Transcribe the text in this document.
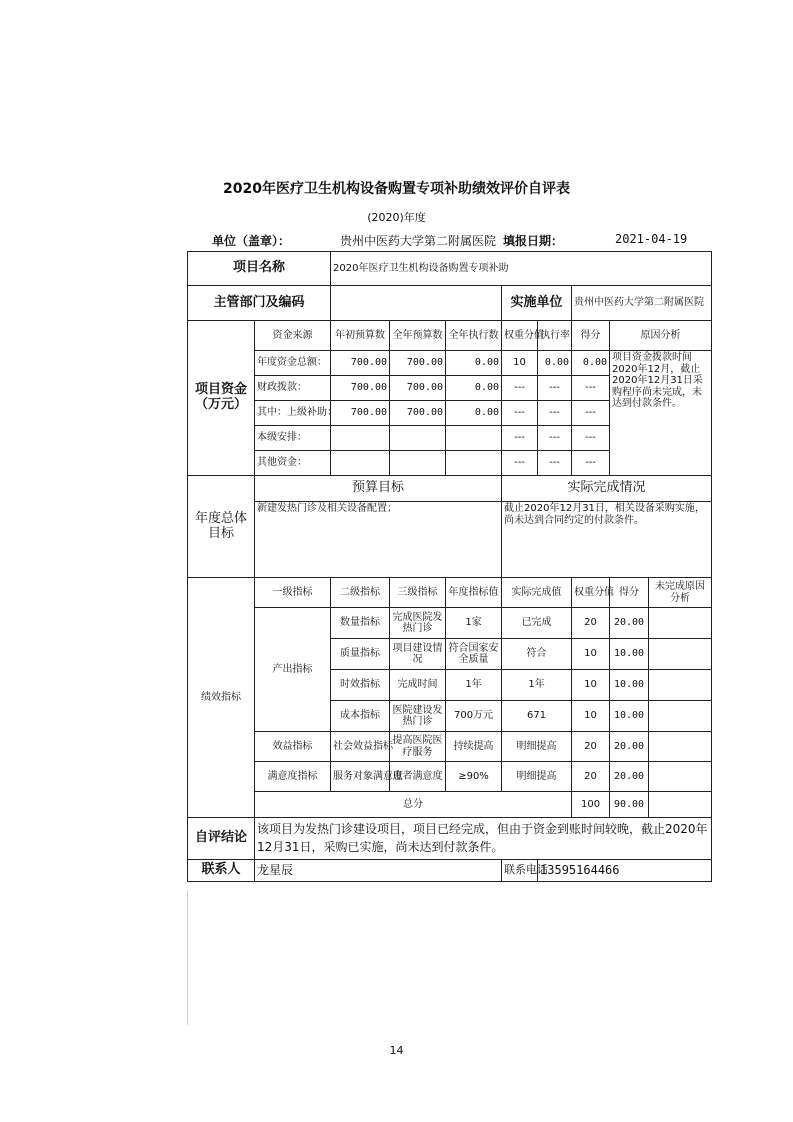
2020年医疗卫生机构设备购置专项补助绩效评价自评表
(2020)年度
单位（盖章）：	贵州中医药大学第二附属医院 填报日期：	2021-04-19
项目名称		2020年医疗卫生机构设备购置专项补助							
主管部门及编码					实施单位		贵州中医药大学第二附属医院		
项目资金（万元）	资金来源	年初预算数	全年预算数	全年执行数	权重分值	执行率	得分	原因分析	
	年度资金总额：	700.00	700.00	0.00	10	0.00	0.00	项目资金拨款时间2020年12月，截止2020年12月31日采购程序尚未完成，未达到付款条件。	
	财政拨款：	700.00	700.00	0.00	---	---	---		
	其中：上级补助：	700.00	700.00	0.00	---	---	---		
	本级安排：				---	---	---		
	其他资金：				---	---	---		
年度总体目标	预算目标				实际完成情况				
	新建发热门诊及相关设备配置；				截止2020年12月31日，相关设备采购实施，尚未达到合同约定的付款条件。				
绩效指标	一级指标	二级指标	三级指标	年度指标值	实际完成值		权重分值	得分	未完成原因分析
	产出指标	数量指标	完成医院发热门诊	1家	已完成		20	20.00	
		质量指标	项目建设情况	符合国家安全质量	符合		10	10.00	
		时效指标	完成时间	1年	1年		10	10.00	
		成本指标	医院建设发热门诊	700万元	671		10	10.00	
	效益指标	社会效益指标	提高医院医疗服务	持续提高	明细提高		20	20.00	
	满意度指标	服务对象满意度	患者满意度	≥90%	明细提高		20	20.00	
	总分						100	90.00	
自评结论	该项目为发热门诊建设项目，项目已经完成，但由于资金到账时间较晚，截止2020年12月31日，采购已实施，尚未达到付款条件。								
联系人	龙星辰				联系电话	13595164466			
14
